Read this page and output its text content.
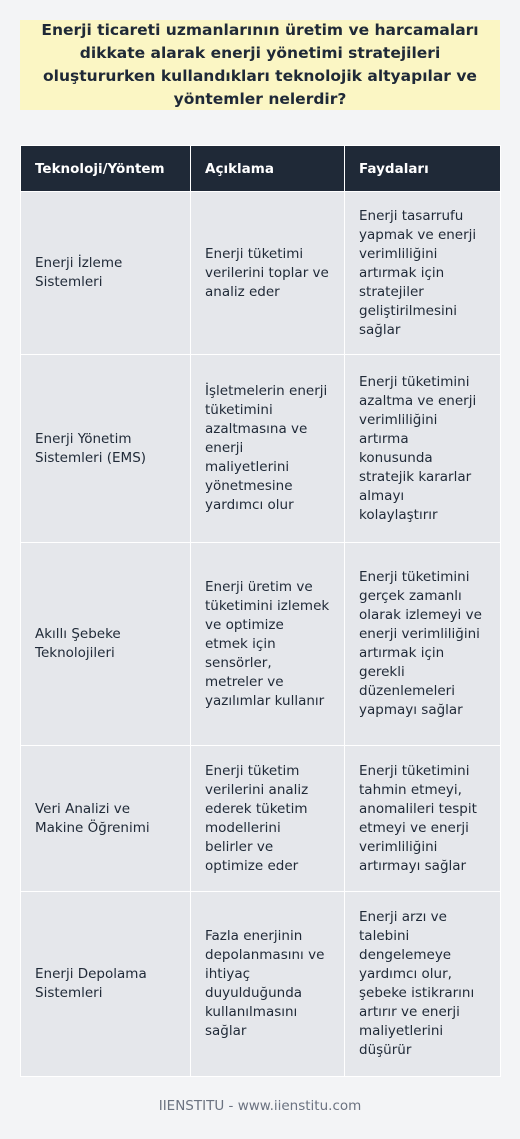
Enerji ticareti uzmanlarının üretim ve harcamaları dikkate alarak enerji yönetimi stratejileri oluştururken kullandıkları teknolojik altyapılar ve yöntemler nelerdir?

Teknoloji/Yöntem	Açıklama	Faydaları
Enerji İzleme Sistemleri	Enerji tüketimi verilerini toplar ve analiz eder	Enerji tasarrufu yapmak ve enerji verimliliğini artırmak için stratejiler geliştirilmesini sağlar
Enerji Yönetim Sistemleri (EMS)	İşletmelerin enerji tüketimini azaltmasına ve enerji maliyetlerini yönetmesine yardımcı olur	Enerji tüketimini azaltma ve enerji verimliliğini artırma konusunda stratejik kararlar almayı kolaylaştırır
Akıllı Şebeke Teknolojileri	Enerji üretim ve tüketimini izlemek ve optimize etmek için sensörler, metreler ve yazılımlar kullanır	Enerji tüketimini gerçek zamanlı olarak izlemeyi ve enerji verimliliğini artırmak için gerekli düzenlemeleri yapmayı sağlar
Veri Analizi ve Makine Öğrenimi	Enerji tüketim verilerini analiz ederek tüketim modellerini belirler ve optimize eder	Enerji tüketimini tahmin etmeyi, anomalileri tespit etmeyi ve enerji verimliliğini artırmayı sağlar
Enerji Depolama Sistemleri	Fazla enerjinin depolanmasını ve ihtiyaç duyulduğunda kullanılmasını sağlar	Enerji arzı ve talebini dengelemeye yardımcı olur, şebeke istikrarını artırır ve enerji maliyetlerini düşürür
IIENSTITU - www.iienstitu.com
